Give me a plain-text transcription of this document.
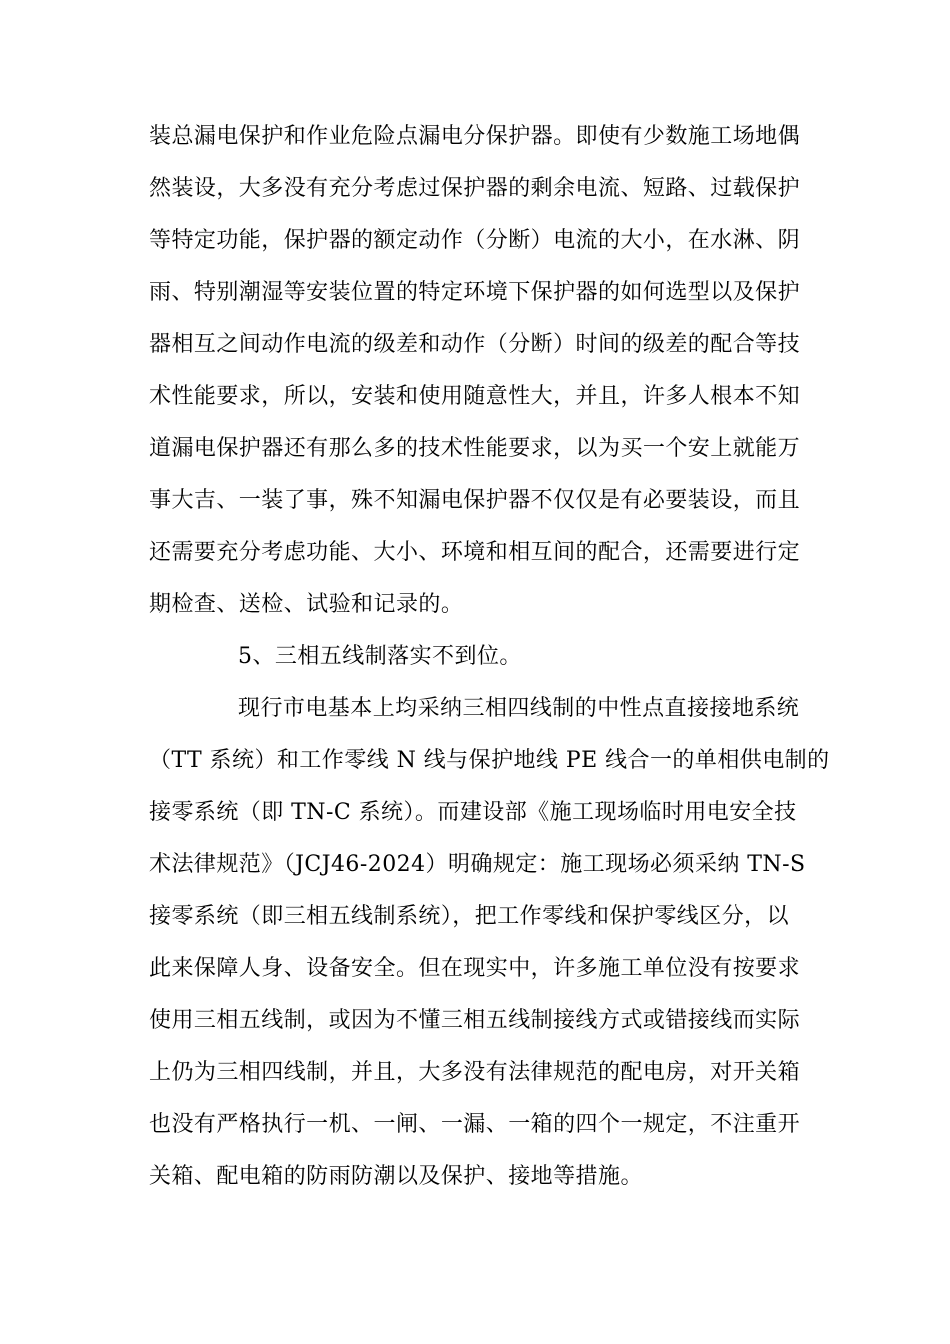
装总漏电保护和作业危险点漏电分保护器。即使有少数施工场地偶
然装设，大多没有充分考虑过保护器的剩余电流、短路、过载保护
等特定功能，保护器的额定动作（分断）电流的大小，在水淋、阴
雨、特别潮湿等安装位置的特定环境下保护器的如何选型以及保护
器相互之间动作电流的级差和动作（分断）时间的级差的配合等技
术性能要求，所以，安装和使用随意性大，并且，许多人根本不知
道漏电保护器还有那么多的技术性能要求，以为买一个安上就能万
事大吉、一装了事，殊不知漏电保护器不仅仅是有必要装设，而且
还需要充分考虑功能、大小、环境和相互间的配合，还需要进行定
期检查、送检、试验和记录的。
5、三相五线制落实不到位。
现行市电基本上均采纳三相四线制的中性点直接接地系统
（TT 系统）和工作零线 N 线与保护地线 PE 线合一的单相供电制的
接零系统（即 TN-C 系统）。而建设部《施工现场临时用电安全技
术法律规范》（JCJ46-2024）明确规定：施工现场必须采纳 TN-S
接零系统（即三相五线制系统），把工作零线和保护零线区分，以
此来保障人身、设备安全。但在现实中，许多施工单位没有按要求
使用三相五线制，或因为不懂三相五线制接线方式或错接线而实际
上仍为三相四线制，并且，大多没有法律规范的配电房，对开关箱
也没有严格执行一机、一闸、一漏、一箱的四个一规定，不注重开
关箱、配电箱的防雨防潮以及保护、接地等措施。
